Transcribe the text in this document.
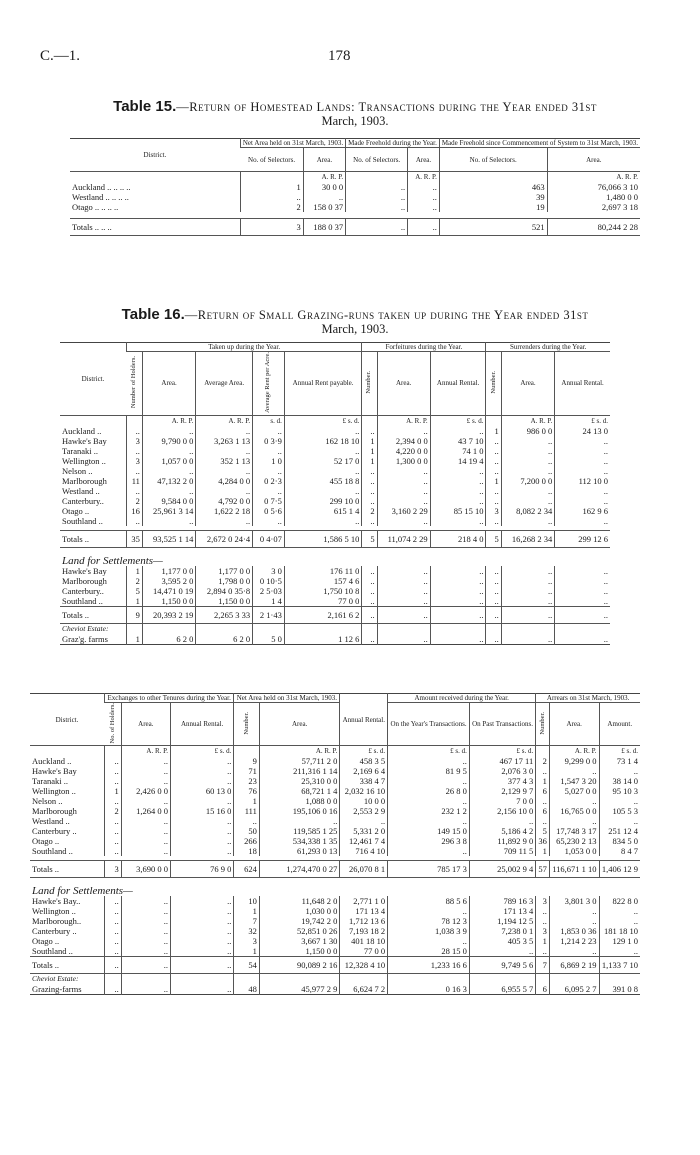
C.—1.	178
Table 15.—Return of Homestead Lands: Transactions during the Year ended 31st
March, 1903.
District.	Net Area held on 31st March, 1903.		Made Freehold during the Year.		Made Freehold since Commencement of System to 31st March, 1903.	
	No. of Selectors.	Area.	No. of Selectors.	Area.	No. of Selectors.	Area.
		A. R. P.		A. R. P.		A. R. P.
Auckland .. .. .. ..	1	30 0 0	..	..	463	76,066 3 10
Westland .. .. .. ..	..	..	..	..	39	1,480 0 0
Otago .. .. .. ..	2	158 0 37	..	..	19	2,697 3 18

Totals .. .. ..	3	188 0 37	..	..	521	80,244 2 28
Table 16.—Return of Small Grazing-runs taken up during the Year ended 31st
March, 1903.
District.	Taken up during the Year.					Forfeitures during the Year.			Surrenders during the Year.		
	Number of Holders.	Area.	Average Area.	Average Rent per Acre.	Annual Rent payable.	Number.	Area.	Annual Rental.	Number.	Area.	Annual Rental.
		A. R. P.	A. R. P.	s. d.	£ s. d.		A. R. P.	£ s. d.		A. R. P.	£ s. d.
Auckland ..	..	..	..	..	..	..	..	..	1	986 0 0	24 13 0
Hawke's Bay	3	9,790 0 0	3,263 1 13	0 3·9	162 18 10	1	2,394 0 0	43 7 10	..	..	..
Taranaki ..	..	..	..	..	..	1	4,220 0 0	74 1 0	..	..	..
Wellington ..	3	1,057 0 0	352 1 13	1 0	52 17 0	1	1,300 0 0	14 19 4	..	..	..
Nelson ..	..	..	..	..	..	..	..	..	..	..	..
Marlborough	11	47,132 2 0	4,284 0 0	0 2·3	455 18 8	..	..	..	1	7,200 0 0	112 10 0
Westland ..	..	..	..	..	..	..	..	..	..	..	..
Canterbury..	2	9,584 0 0	4,792 0 0	0 7·5	299 10 0	..	..	..	..	..	..
Otago ..	16	25,961 3 14	1,622 2 18	0 5·6	615 1 4	2	3,160 2 29	85 15 10	3	8,082 2 34	162 9 6
Southland ..	..	..	..	..	..	..	..	..	..	..	..

Totals ..	35	93,525 1 14	2,672 0 24·4	0 4·07	1,586 5 10	5	11,074 2 29	218 4 0	5	16,268 2 34	299 12 6
Land for Settlements—											
Hawke's Bay	1	1,177 0 0	1,177 0 0	3 0	176 11 0	..	..	..	..	..	..
Marlborough	2	3,595 2 0	1,798 0 0	0 10·5	157 4 6	..	..	..	..	..	..
Canterbury..	5	14,471 0 19	2,894 0 35·8	2 5·03	1,750 10 8	..	..	..	..	..	..
Southland ..	1	1,150 0 0	1,150 0 0	1 4	77 0 0	..	..	..	..	..	..
Totals ..	9	20,393 2 19	2,265 3 33	2 1·43	2,161 6 2	..	..	..	..	..	..

Cheviot Estate:
Graz'g. farms	1	6 2 0	6 2 0	5 0	1 12 6	..	..	..	..	..	..
District.	Exchanges to other Tenures during the Year.			Net Area held on 31st March, 1903.		Annual Rental.	Amount received during the Year.		Arrears on 31st March, 1903.		
	No. of Holders.	Area.	Annual Rental.	Number.	Area.		On the Year's Transactions.	On Past Transactions.	Number.	Area.	Amount.
		A. R. P.	£ s. d.		A. R. P.	£ s. d.	£ s. d.	£ s. d.		A. R. P.	£ s. d.
Auckland ..	..	..	..	9	57,711 2 0	458 3 5	..	467 17 11	2	9,299 0 0	73 1 4
Hawke's Bay	..	..	..	71	211,316 1 14	2,169 6 4	81 9 5	2,076 3 0	..	..	..
Taranaki ..	..	..	..	23	25,310 0 0	338 4 7	..	377 4 3	1	1,547 3 20	38 14 0
Wellington ..	1	2,426 0 0	60 13 0	76	68,721 1 4	2,032 16 10	26 8 0	2,129 9 7	6	5,027 0 0	95 10 3
Nelson ..	..	..	..	1	1,088 0 0	10 0 0	..	7 0 0	..	..	..
Marlborough	2	1,264 0 0	15 16 0	111	195,106 0 16	2,553 2 9	232 1 2	2,156 10 0	6	16,765 0 0	105 5 3
Westland ..	..	..	..	..	..	..	..	..	..	..	..
Canterbury ..	..	..	..	50	119,585 1 25	5,331 2 0	149 15 0	5,186 4 2	5	17,748 3 17	251 12 4
Otago ..	..	..	..	266	534,338 1 35	12,461 7 4	296 3 8	11,892 9 0	36	65,230 2 13	834 5 0
Southland ..	..	..	..	18	61,293 0 13	716 4 10	..	709 11 5	1	1,053 0 0	8 4 7

Totals ..	3	3,690 0 0	76 9 0	624	1,274,470 0 27	26,070 8 1	785 17 3	25,002 9 4	57	116,671 1 10	1,406 12 9
Land for Settlements—											
Hawke's Bay..	..	..	..	10	11,648 2 0	2,771 1 0	88 5 6	789 16 3	3	3,801 3 0	822 8 0
Wellington ..	..	..	..	1	1,030 0 0	171 13 4	..	171 13 4	..	..	..
Marlborough..	..	..	..	7	19,742 2 0	1,712 13 6	78 12 3	1,194 12 5	..	..	..
Canterbury ..	..	..	..	32	52,851 0 26	7,193 18 2	1,038 3 9	7,238 0 1	3	1,853 0 36	181 18 10
Otago ..	..	..	..	3	3,667 1 30	401 18 10	..	405 3 5	1	1,214 2 23	129 1 0
Southland ..	..	..	..	1	1,150 0 0	77 0 0	28 15 0	..	..	..	..
Totals ..	..	..	..	54	90,089 2 16	12,328 4 10	1,233 16 6	9,749 5 6	7	6,869 2 19	1,133 7 10

Cheviot Estate:
Grazing-farms	..	..	..	48	45,977 2 9	6,624 7 2	0 16 3	6,955 5 7	6	6,095 2 7	391 0 8
